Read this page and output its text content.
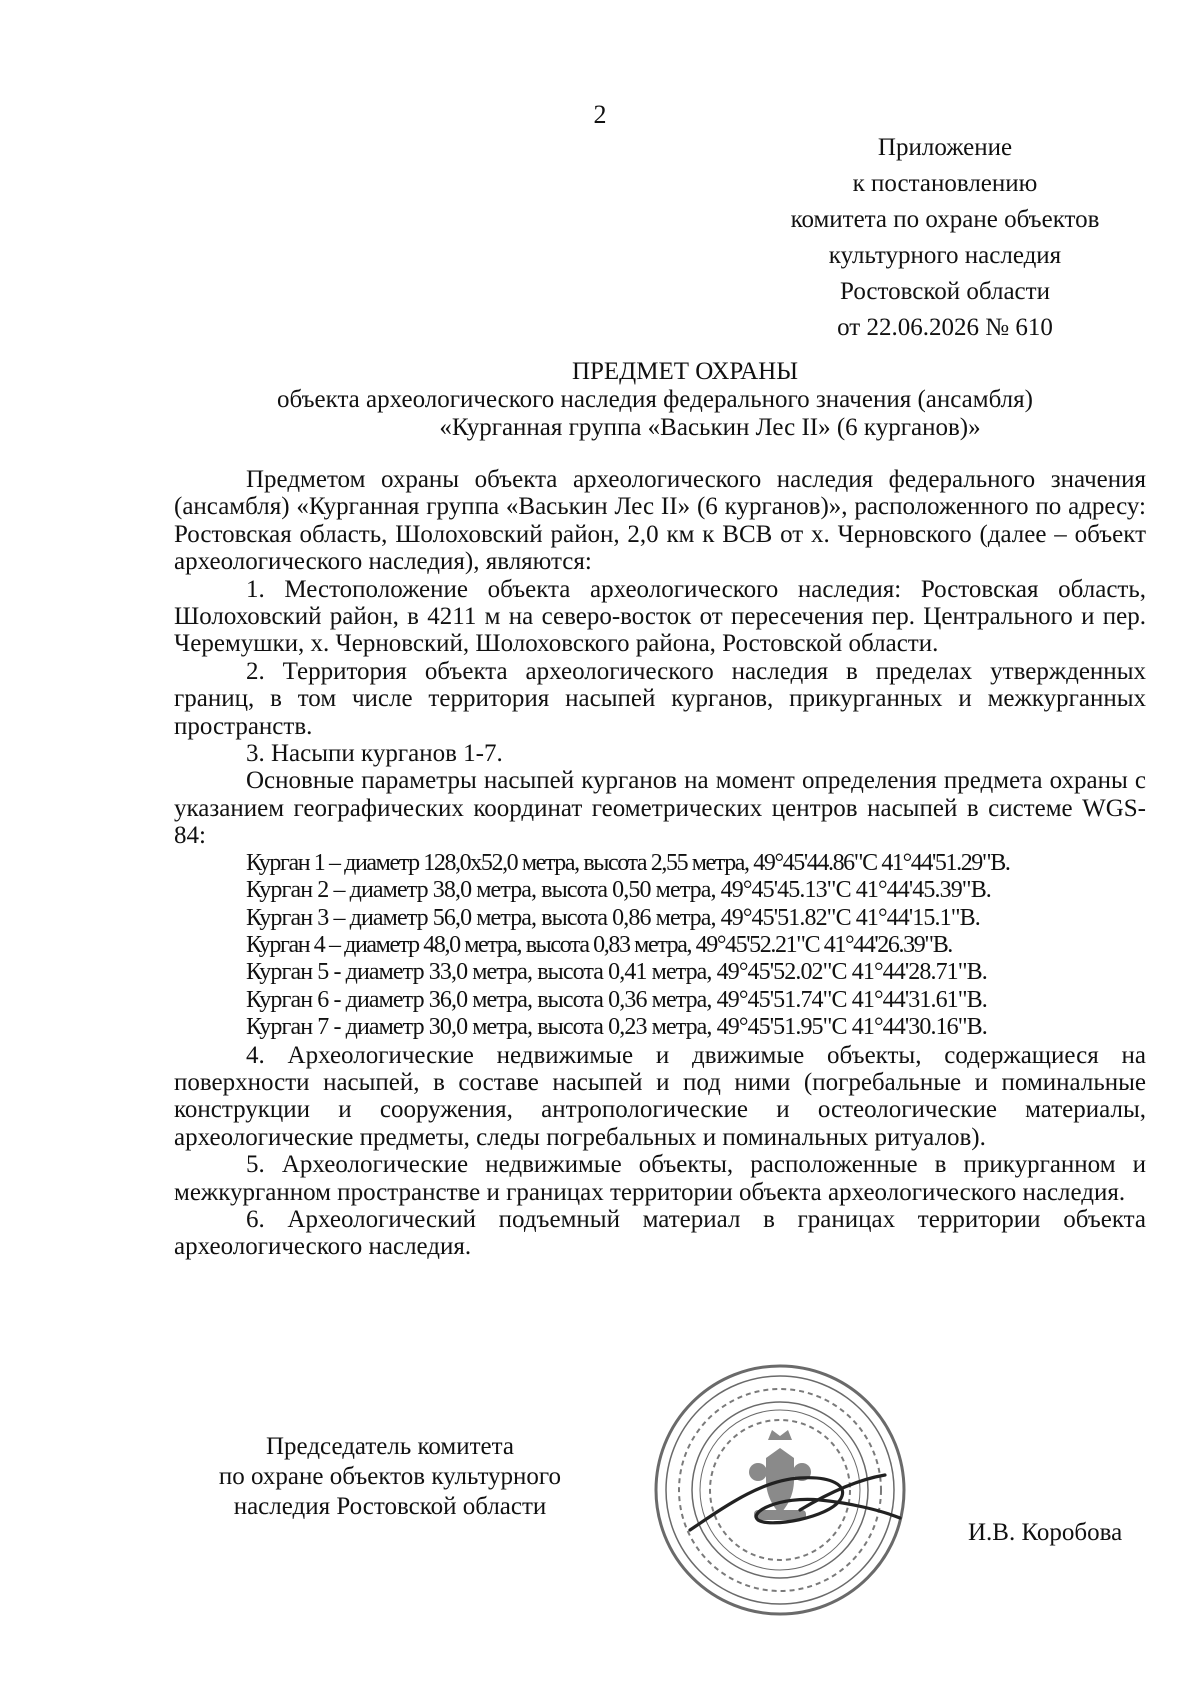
2
Приложение
к постановлению
комитета по охране объектов
культурного наследия
Ростовской области
от 22.06.2026 № 610
ПРЕДМЕТ ОХРАНЫ
объекта археологического наследия федерального значения (ансамбля)
«Курганная группа «Васькин Лес II» (6 курганов)»

Предметом охраны объекта археологического наследия федерального значения (ансамбля) «Курганная группа «Васькин Лес II» (6 курганов)», расположенного по адресу: Ростовская область, Шолоховский район, 2,0 км к ВСВ от х. Черновского (далее – объект археологического наследия), являются:

1. Местоположение объекта археологического наследия: Ростовская область, Шолоховский район, в 4211 м на северо-восток от пересечения пер. Центрального и пер. Черемушки, х. Черновский, Шолоховского района, Ростовской области.

2. Территория объекта археологического наследия в пределах утвержденных границ, в том числе территория насыпей курганов, прикурганных и межкурганных пространств.

3. Насыпи курганов 1-7.

Основные параметры насыпей курганов на момент определения предмета охраны с указанием географических координат геометрических центров насыпей в системе WGS-84:

Курган 1 – диаметр 128,0х52,0 метра, высота 2,55 метра, 49°45'44.86"С 41°44'51.29"В.
Курган 2 – диаметр 38,0 метра, высота 0,50 метра, 49°45'45.13"С 41°44'45.39"В.
Курган 3 – диаметр 56,0 метра, высота 0,86 метра, 49°45'51.82"С 41°44'15.1"В.
Курган 4 – диаметр 48,0 метра, высота 0,83 метра, 49°45'52.21"С 41°44'26.39"В.
Курган 5 - диаметр 33,0 метра, высота 0,41 метра, 49°45'52.02"С 41°44'28.71"В.
Курган 6 - диаметр 36,0 метра, высота 0,36 метра, 49°45'51.74"С 41°44'31.61"В.
Курган 7 - диаметр 30,0 метра, высота 0,23 метра, 49°45'51.95"С 41°44'30.16"В.

4. Археологические недвижимые и движимые объекты, содержащиеся на поверхности насыпей, в составе насыпей и под ними (погребальные и поминальные конструкции и сооружения, антропологические и остеологические материалы, археологические предметы, следы погребальных и поминальных ритуалов).

5. Археологические недвижимые объекты, расположенные в прикурганном и межкурганном пространстве и границах территории объекта археологического наследия.

6. Археологический подъемный материал в границах территории объекта археологического наследия.

Председатель комитета
по охране объектов культурного
наследия Ростовской области
И.В. Коробова
